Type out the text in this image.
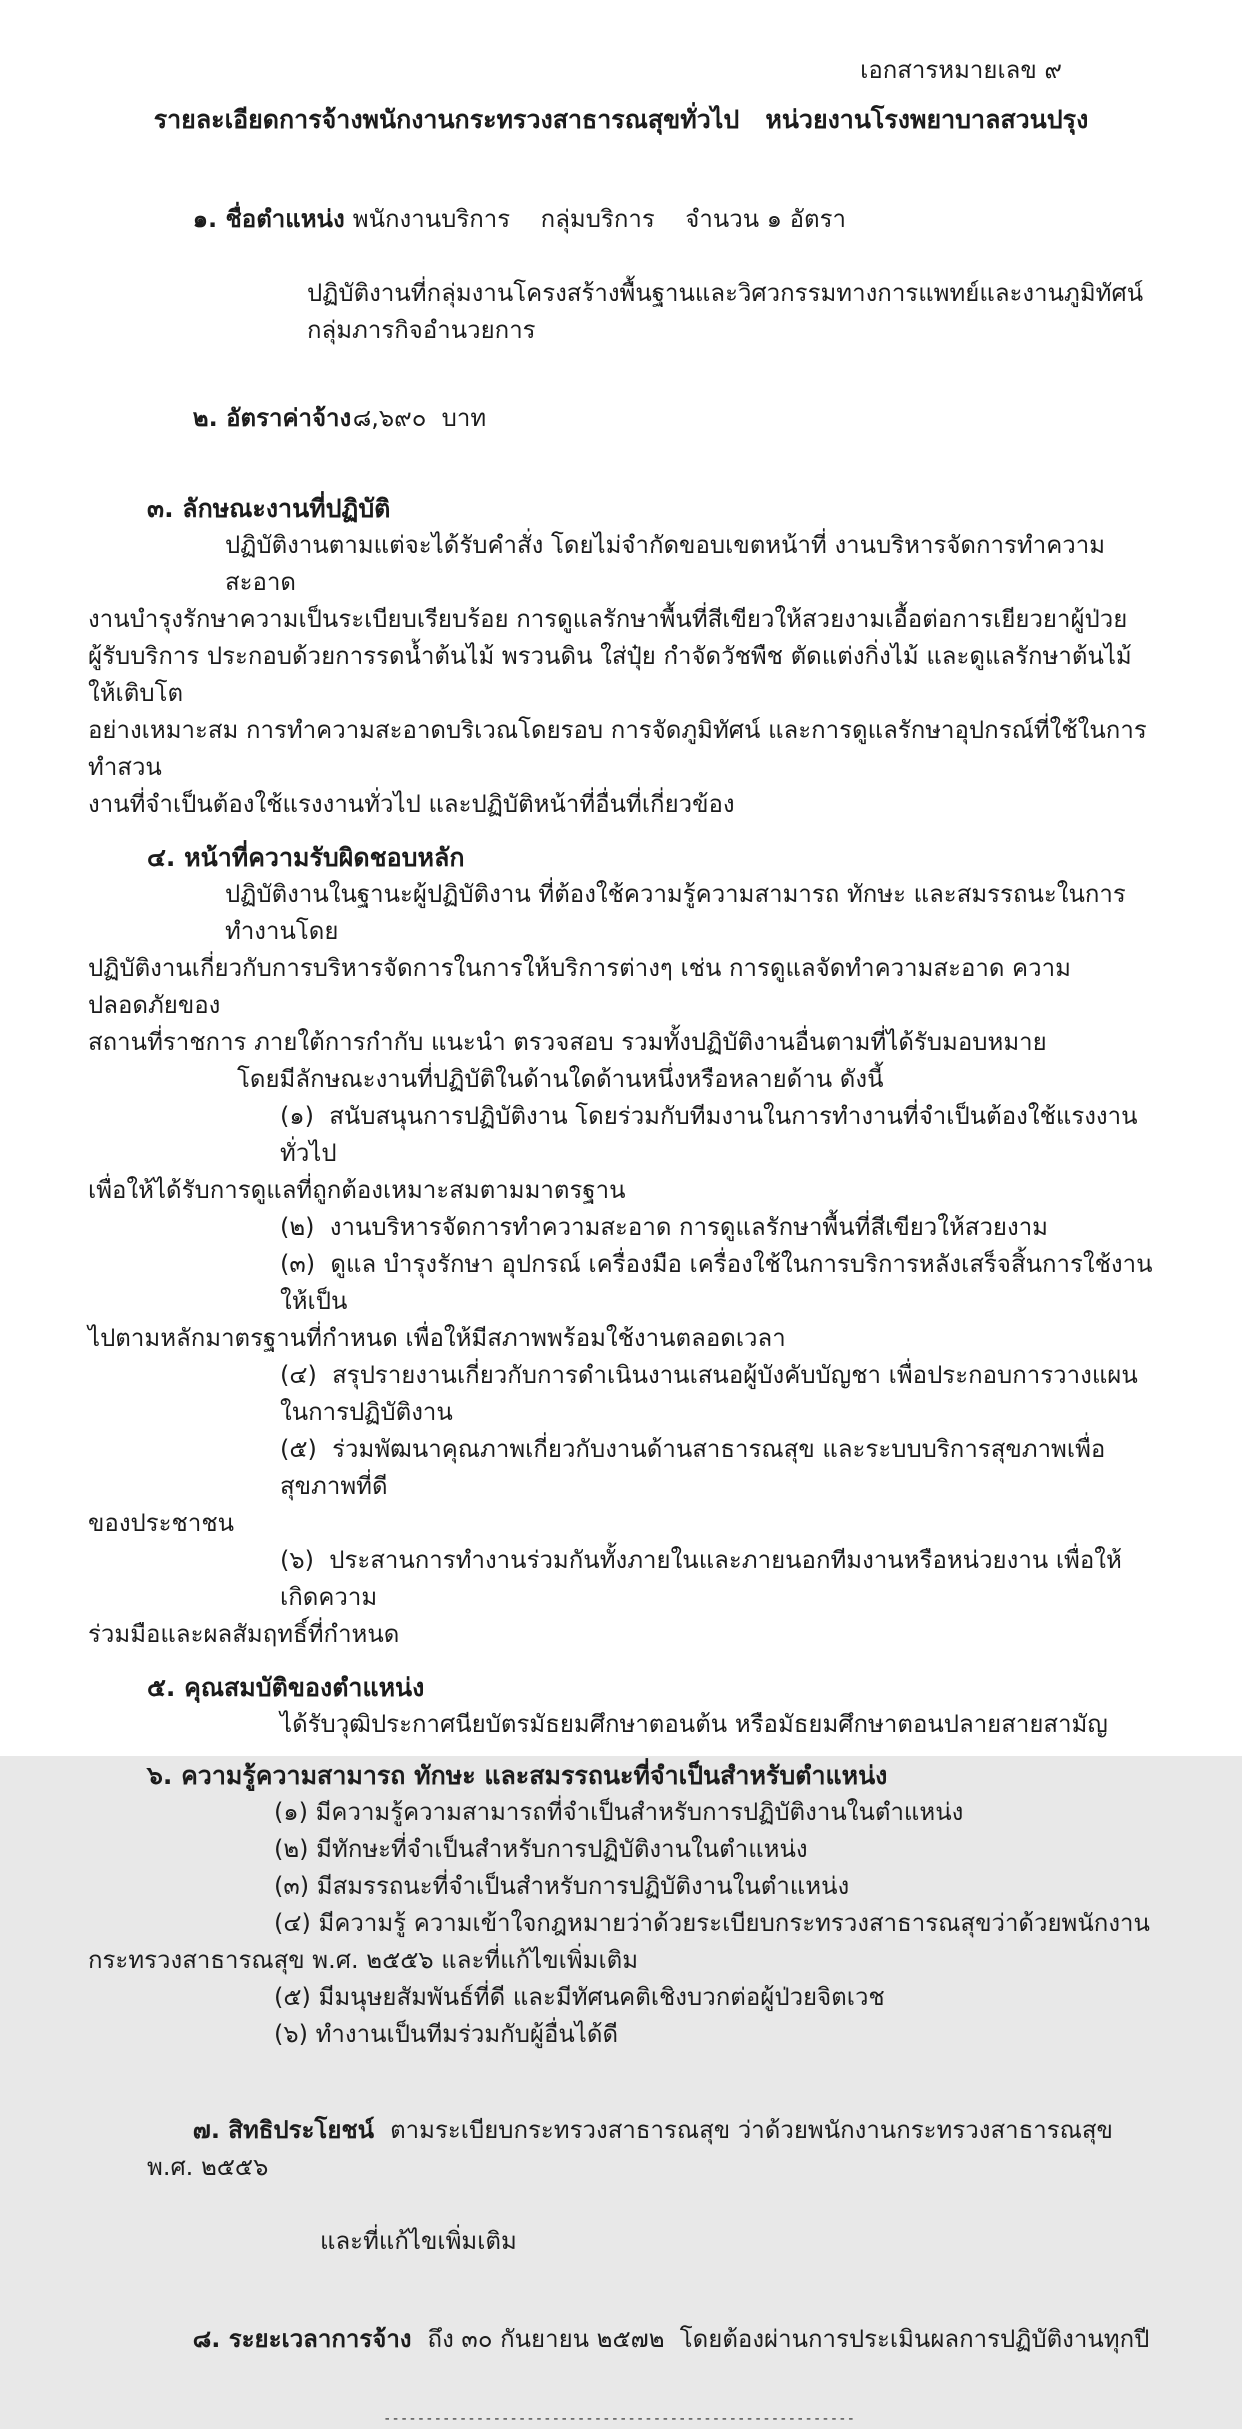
เอกสารหมายเลข ๙
รายละเอียดการจ้างพนักงานกระทรวงสาธารณสุขทั่วไป   หน่วยงานโรงพยาบาลสวนปรุง

๑. ชื่อตำแหน่ง พนักงานบริการ    กลุ่มบริการ    จำนวน ๑ อัตรา

ปฏิบัติงานที่กลุ่มงานโครงสร้างพื้นฐานและวิศวกรรมทางการแพทย์และงานภูมิทัศน์
กลุ่มภารกิจอำนวยการ

๒. อัตราค่าจ้าง๘,๖๙๐  บาท

๓. ลักษณะงานที่ปฏิบัติ
ปฏิบัติงานตามแต่จะได้รับคำสั่ง โดยไม่จำกัดขอบเขตหน้าที่ งานบริหารจัดการทำความสะอาด
งานบำรุงรักษาความเป็นระเบียบเรียบร้อย การดูแลรักษาพื้นที่สีเขียวให้สวยงามเอื้อต่อการเยียวยาผู้ป่วย
ผู้รับบริการ ประกอบด้วยการรดน้ำต้นไม้ พรวนดิน ใส่ปุ๋ย กำจัดวัชพืช ตัดแต่งกิ่งไม้ และดูแลรักษาต้นไม้ให้เติบโต
อย่างเหมาะสม การทำความสะอาดบริเวณโดยรอบ การจัดภูมิทัศน์ และการดูแลรักษาอุปกรณ์ที่ใช้ในการทำสวน
งานที่จำเป็นต้องใช้แรงงานทั่วไป และปฏิบัติหน้าที่อื่นที่เกี่ยวข้อง
๔. หน้าที่ความรับผิดชอบหลัก
ปฏิบัติงานในฐานะผู้ปฏิบัติงาน ที่ต้องใช้ความรู้ความสามารถ ทักษะ และสมรรถนะในการทำงานโดย
ปฏิบัติงานเกี่ยวกับการบริหารจัดการในการให้บริการต่างๆ เช่น การดูแลจัดทำความสะอาด ความปลอดภัยของ
สถานที่ราชการ ภายใต้การกำกับ แนะนำ ตรวจสอบ รวมทั้งปฏิบัติงานอื่นตามที่ได้รับมอบหมาย
โดยมีลักษณะงานที่ปฏิบัติในด้านใดด้านหนึ่งหรือหลายด้าน ดังนี้
(๑)  สนับสนุนการปฏิบัติงาน โดยร่วมกับทีมงานในการทำงานที่จำเป็นต้องใช้แรงงานทั่วไป
เพื่อให้ได้รับการดูแลที่ถูกต้องเหมาะสมตามมาตรฐาน
(๒)  งานบริหารจัดการทำความสะอาด การดูแลรักษาพื้นที่สีเขียวให้สวยงาม
(๓)  ดูแล บำรุงรักษา อุปกรณ์ เครื่องมือ เครื่องใช้ในการบริการหลังเสร็จสิ้นการใช้งานให้เป็น
ไปตามหลักมาตรฐานที่กำหนด เพื่อให้มีสภาพพร้อมใช้งานตลอดเวลา
(๔)  สรุปรายงานเกี่ยวกับการดำเนินงานเสนอผู้บังคับบัญชา เพื่อประกอบการวางแผนในการปฏิบัติงาน
(๕)  ร่วมพัฒนาคุณภาพเกี่ยวกับงานด้านสาธารณสุข และระบบบริการสุขภาพเพื่อสุขภาพที่ดี
ของประชาชน
(๖)  ประสานการทำงานร่วมกันทั้งภายในและภายนอกทีมงานหรือหน่วยงาน เพื่อให้เกิดความ
ร่วมมือและผลสัมฤทธิ์ที่กำหนด
๕. คุณสมบัติของตำแหน่ง
ได้รับวุฒิประกาศนียบัตรมัธยมศึกษาตอนต้น หรือมัธยมศึกษาตอนปลายสายสามัญ
๖. ความรู้ความสามารถ ทักษะ และสมรรถนะที่จำเป็นสำหรับตำแหน่ง
(๑) มีความรู้ความสามารถที่จำเป็นสำหรับการปฏิบัติงานในตำแหน่ง
(๒) มีทักษะที่จำเป็นสำหรับการปฏิบัติงานในตำแหน่ง
(๓) มีสมรรถนะที่จำเป็นสำหรับการปฏิบัติงานในตำแหน่ง
(๔) มีความรู้ ความเข้าใจกฎหมายว่าด้วยระเบียบกระทรวงสาธารณสุขว่าด้วยพนักงาน
กระทรวงสาธารณสุข พ.ศ. ๒๕๕๖ และที่แก้ไขเพิ่มเติม
(๕) มีมนุษยสัมพันธ์ที่ดี และมีทัศนคติเชิงบวกต่อผู้ป่วยจิตเวช
(๖) ทำงานเป็นทีมร่วมกับผู้อื่นได้ดี

๗. สิทธิประโยชน์ ตามระเบียบกระทรวงสาธารณสุข ว่าด้วยพนักงานกระทรวงสาธารณสุข พ.ศ. ๒๕๕๖

และที่แก้ไขเพิ่มเติม

๘. ระยะเวลาการจ้าง ถึง ๓๐ กันยายน ๒๕๗๒  โดยต้องผ่านการประเมินผลการปฏิบัติงานทุกปี

--------------------------------------------------------
